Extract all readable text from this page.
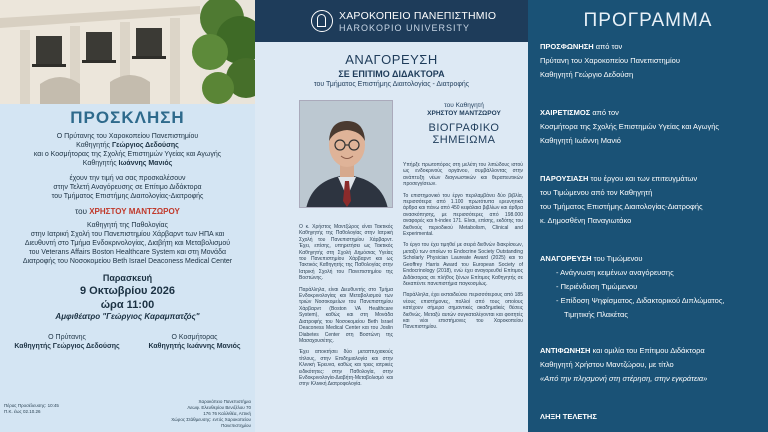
ΠΡΟΣΚΛΗΣΗ
Ο Πρύτανης του Χαροκοπείου Πανεπιστημίου
Καθηγητής Γεώργιος Δεδούσης
και ο Κοσμήτορας της Σχολής Επιστημών Υγείας και Αγωγής
Καθηγητής Ιωάννης Μανιός
έχουν την τιμή να σας προσκαλέσουν
στην Τελετή Αναγόρευσης σε Επίτιμο Διδάκτορα
του Τμήματος Επιστήμης Διαιτολογίας-Διατροφής
του ΧΡΗΣΤΟΥ ΜΑΝΤΖΩΡΟΥ
Καθηγητή της Παθολογίας
στην Ιατρική Σχολή του Πανεπιστημίου Χάρβαρντ των ΗΠΑ και
Διευθυντή στο Τμήμα Ενδοκρινολογίας, Διαβήτη και Μεταβολισμού
του Veterans Affairs Boston Healthcare System και στη Μονάδα
Διατροφής του Νοσοκομείου Beth Israel Deaconess Medical Center
Παρασκευή
9 Οκτωβρίου 2026
ώρα 11:00
Αμφιθέατρο "Γεώργιος Καραμπατζός"
Ο Πρύτανης
Καθηγητής Γεώργιος Δεδούσης
Ο Κοσμήτορας
Καθηγητής Ιωάννης Μανιός
Πέρας Προσέλευσης: 10:45
Π.Κ. έως 02.10.26
Χαροκόπειο Πανεπιστήμιο
Λεωφ. Ελευθερίου Βενιζέλου 70
176 76 Καλλιθέα, Αττική
Χώρος Στάθμευσης: εντός Χαροκοπείου Πανεπιστημίου
ΧΑΡΟΚΟΠΕΙΟ ΠΑΝΕΠΙΣΤΗΜΙΟ
HAROKOPIO UNIVERSITY
ΑΝΑΓΟΡΕΥΣΗ
ΣΕ ΕΠΙΤΙΜΟ ΔΙΔΑΚΤΟΡΑ
του Τμήματος Επιστήμης Διαιτολογίας - Διατροφής
του Καθηγητή
ΧΡΗΣΤΟΥ ΜΑΝΤΖΩΡΟΥ
ΒΙΟΓΡΑΦΙΚΟ
ΣΗΜΕΙΩΜΑ

Ο κ. Χρήστος Μαντζώρος είναι Τακτικός Καθηγητής της Παθολογίας στην Ιατρική Σχολή του Πανεπιστημίου Χάρβαρντ. Έχει, επίσης, υπηρετήσει ως Τακτικός Καθηγητής στη Σχολή Δημόσιας Υγείας του Πανεπιστημίου Χάρβαρντ και ως Τακτικός Καθηγητής της Παθολογίας στην Ιατρική Σχολή του Πανεπιστημίου της Βοστώνης.

Παράλληλα, είναι Διευθυντής στο Τμήμα Ενδοκρινολογίας και Μεταβολισμού των τριών Νοσοκομείων του Πανεπιστημίου Χάρβαρντ (Boston VA Healthcare System), καθώς και στη Μονάδα Διατροφής του Νοσοκομείου Beth Israel Deaconess Medical Center και του Joslin Diabetes Center στη Βοστώνη της Μασαχουσέτης.

Έχει αποκτήσει δύο μεταπτυχιακούς τίτλους, στην Επιδημιολογία και στην Κλινική Έρευνα, καθώς και τρεις ιατρικές ειδικότητες: στην Παθολογία, στην Ενδοκρινολογία-Διαβήτη-Μεταβολισμό και στην Κλινική Διατροφολογία.

Υπήρξε πρωτοπόρος στη μελέτη του λιπώδους ιστού ως ενδοκρινούς οργάνου, συμβάλλοντας στην ανάπτυξη νέων διαγνωστικών και θεραπευτικών προσεγγίσεων.

Το επιστημονικό του έργο περιλαμβάνει δύο βιβλία, περισσότερα από 1.100 πρωτότυπα ερευνητικά άρθρα και πάνω από 450 κεφάλαια βιβλίων και άρθρα ανασκόπησης, με περισσότερες από 198.000 αναφορές και h-index 171. Είναι, επίσης, εκδότης του διεθνούς περιοδικού Metabolism, Clinical and Experimental.

Το έργο του έχει τιμηθεί με σειρά διεθνών διακρίσεων, μεταξύ των οποίων το Endocrine Society Outstanding Scholarly Physician Laureate Award (2025) και το Geoffrey Harris Award του European Society of Endocrinology (2018), ενώ έχει αναγορευθεί Επίτιμος Διδάκτορας σε πλήθος ξένων Επίτιμος Καθηγητής σε δεκαπέντε πανεπιστήμια παγκοσμίως.

Παράλληλα, έχει εκπαιδεύσει περισσότερους από 185 νέους επιστήμονες, πολλοί από τους οποίους κατέχουν σήμερα σημαντικές ακαδημαϊκές θέσεις διεθνώς. Μεταξύ αυτών συγκαταλέγονται και φοιτητές και νέοι επιστήμονες του Χαροκοπείου Πανεπιστημίου.

ΠΡΟΓΡΑΜΜΑ
ΠΡΟΣΦΩΝΗΣΗ από τον
Πρύτανη του Χαροκοπείου Πανεπιστημίου
Καθηγητή Γεώργιο Δεδούση
ΧΑΙΡΕΤΙΣΜΟΣ από τον
Κοσμήτορα της Σχολής Επιστημών Υγείας και Αγωγής
Καθηγητή Ιωάννη Μανιό
ΠΑΡΟΥΣΙΑΣΗ του έργου και των επιτευγμάτων
του Τιμώμενου από τον Καθηγητή
του Τμήματος Επιστήμης Διαιτολογίας-Διατροφής
κ. Δημοσθένη Παναγιωτάκο
ΑΝΑΓΟΡΕΥΣΗ του Τιμώμενου
- Ανάγνωση κειμένων αναγόρευσης
- Περιένδυση Τιμώμενου
- Επίδοση Ψηφίσματος, Διδακτορικού Διπλώματος,
Τιμητικής Πλακέτας
ΑΝΤΙΦΩΝΗΣΗ και ομιλία του Επίτιμου Διδάκτορα
Καθηγητή Χρήστου Μαντζώρου, με τίτλο
«Από την πλησμονή στη στέρηση, στην εγκράτεια»
ΛΗΞΗ ΤΕΛΕΤΗΣ
